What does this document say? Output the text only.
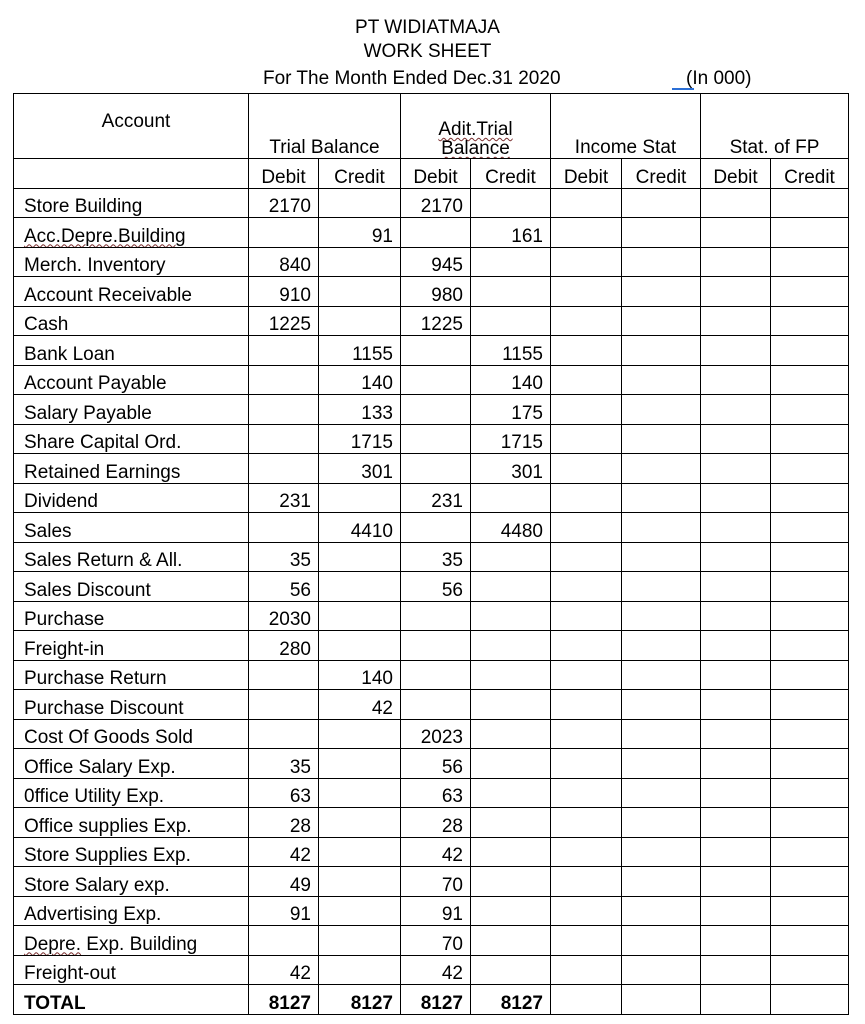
PT WIDIATMAJA
WORK SHEET
For The Month Ended Dec.31 2020	(In 000)
Account	Trial Balance		Adit.Trial
Balance		Income Stat		Stat. of FP	
	Debit	Credit	Debit	Credit	Debit	Credit	Debit	Credit
Store Building	2170		2170					
Acc.Depre.Building		91		161				
Merch. Inventory	840		945					
Account Receivable	910		980					
Cash	1225		1225					
Bank Loan		1155		1155				
Account Payable		140		140				
Salary Payable		133		175				
Share Capital Ord.		1715		1715				
Retained Earnings		301		301				
Dividend	231		231					
Sales		4410		4480				
Sales Return & All.	35		35					
Sales Discount	56		56					
Purchase	2030							
Freight-in	280							
Purchase Return		140						
Purchase Discount		42						
Cost Of Goods Sold			2023					
Office Salary Exp.	35		56					
0ffice Utility Exp.	63		63					
Office supplies Exp.	28		28					
Store Supplies Exp.	42		42					
Store Salary exp.	49		70					
Advertising Exp.	91		91					
Depre. Exp. Building			70					
Freight-out	42		42					
TOTAL	8127	8127	8127	8127				
